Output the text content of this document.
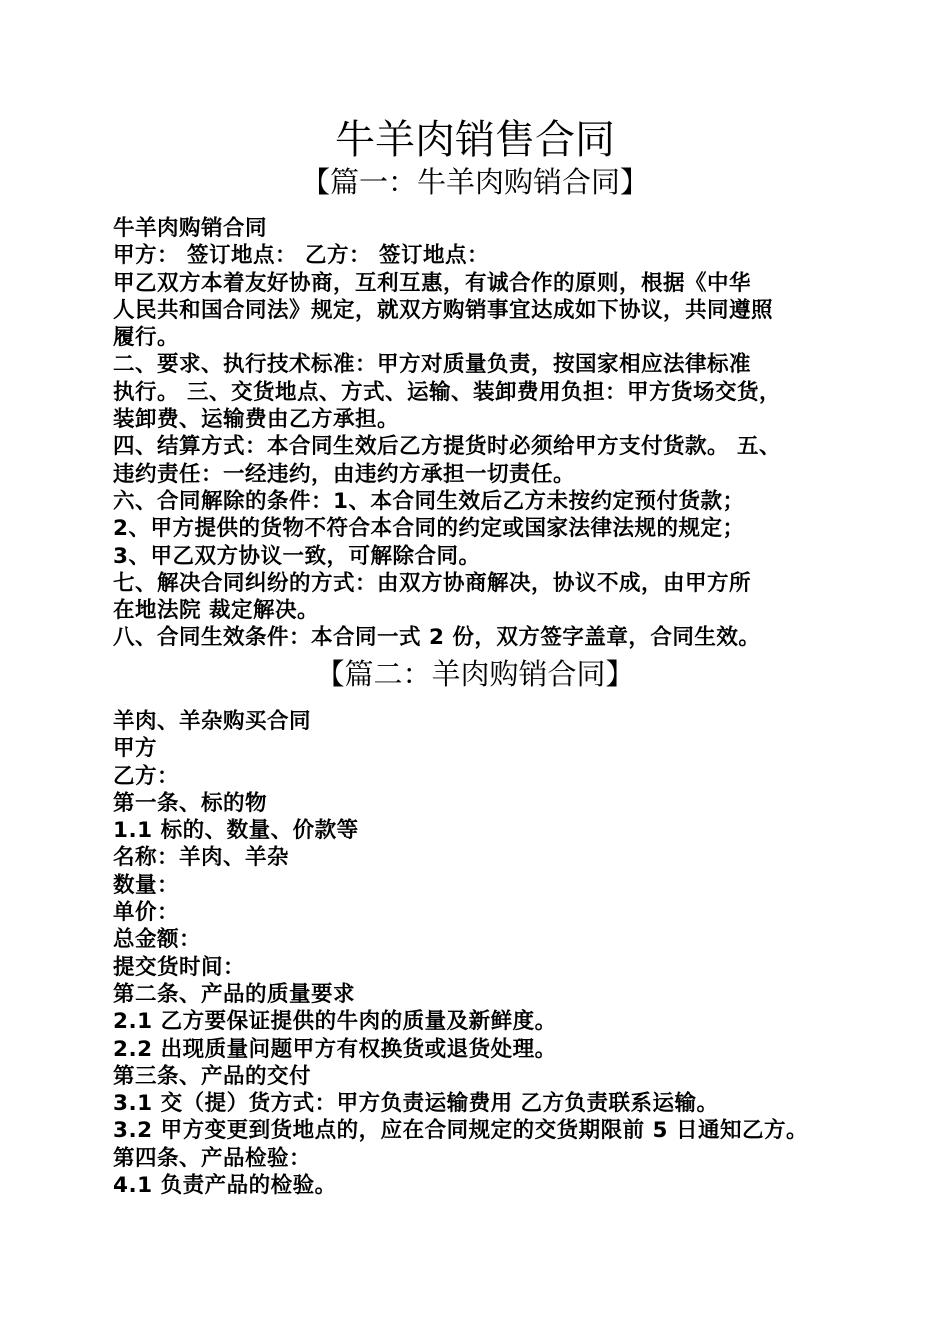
牛羊肉销售合同
【篇一：牛羊肉购销合同】

牛羊肉购销合同

甲方： 签订地点： 乙方： 签订地点：

甲乙双方本着友好协商，互利互惠，有诚合作的原则，根据《中华

人民共和国合同法》规定，就双方购销事宜达成如下协议，共同遵照

履行。

二、要求、执行技术标准：甲方对质量负责，按国家相应法律标准

执行。 三、交货地点、方式、运输、装卸费用负担：甲方货场交货，

装卸费、运输费由乙方承担。

四、结算方式：本合同生效后乙方提货时必须给甲方支付货款。 五、

违约责任：一经违约，由违约方承担一切责任。

六、合同解除的条件：1、本合同生效后乙方未按约定预付货款；

2、甲方提供的货物不符合本合同的约定或国家法律法规的规定；

3、甲乙双方协议一致，可解除合同。

七、解决合同纠纷的方式：由双方协商解决，协议不成，由甲方所

在地法院 裁定解决。

八、合同生效条件：本合同一式 2 份，双方签字盖章，合同生效。

【篇二：羊肉购销合同】

羊肉、羊杂购买合同

甲方

乙方：

第一条、标的物

1.1 标的、数量、价款等

名称：羊肉、羊杂

数量：

单价：

总金额：

提交货时间：

第二条、产品的质量要求

2.1 乙方要保证提供的牛肉的质量及新鲜度。

2.2 出现质量问题甲方有权换货或退货处理。

第三条、产品的交付

3.1 交（提）货方式：甲方负责运输费用 乙方负责联系运输。

3.2 甲方变更到货地点的，应在合同规定的交货期限前 5 日通知乙方。

第四条、产品检验：

4.1 负责产品的检验。
